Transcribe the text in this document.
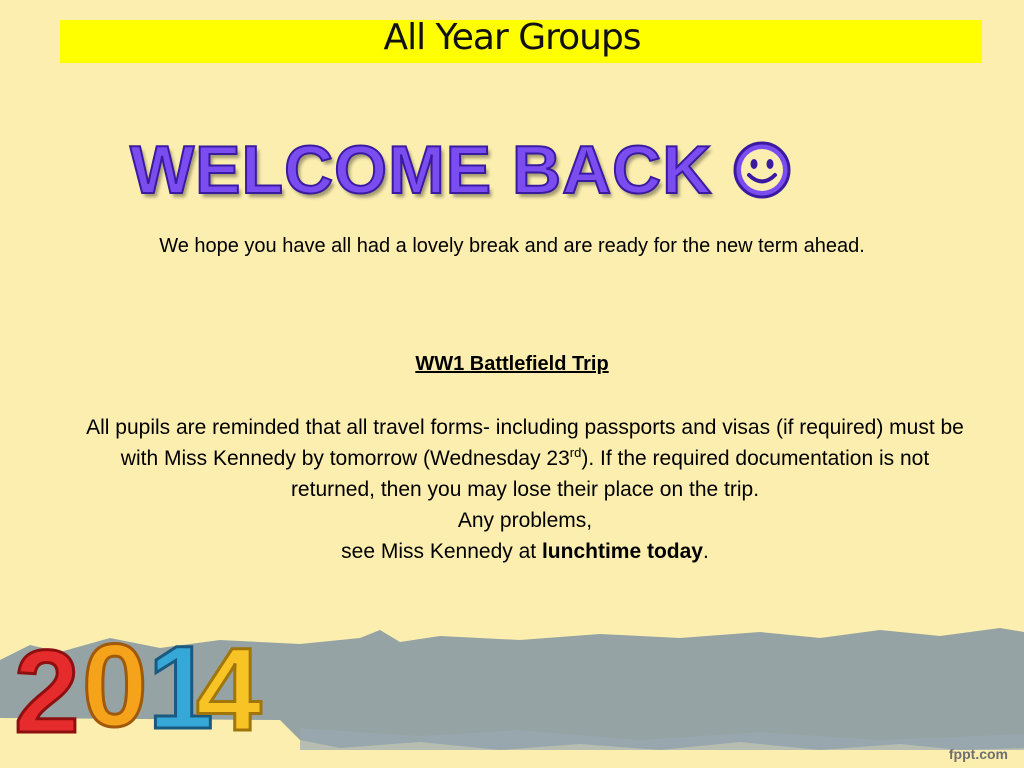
All Year Groups
WELCOME BACK
We hope you have all had a lovely break and are ready for the new term ahead.
WW1 Battlefield Trip
All pupils are reminded that all travel forms- including passports and visas (if required) must be with Miss Kennedy by tomorrow (Wednesday 23rd). If the required documentation is not returned, then you may lose their place on the trip.
Any problems,
see Miss Kennedy at lunchtime today.
2 0 1
4
2014
fppt.com
